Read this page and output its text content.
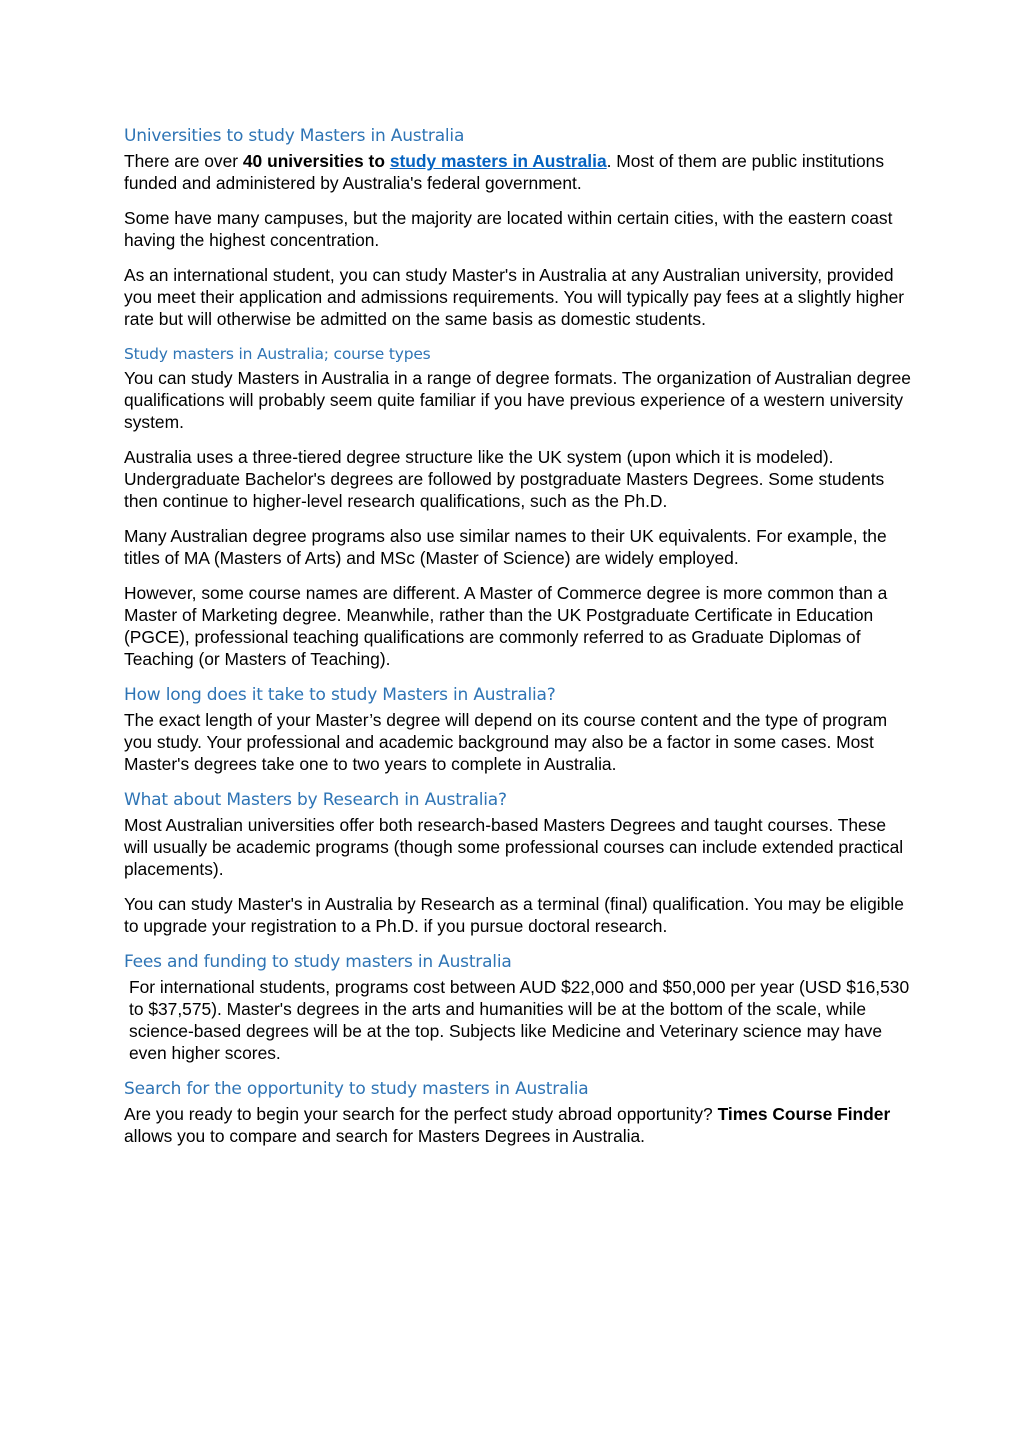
Universities to study Masters in Australia

There are over 40 universities to study masters in Australia. Most of them are public institutions funded and administered by Australia's federal government.

Some have many campuses, but the majority are located within certain cities, with the eastern coast having the highest concentration.

As an international student, you can study Master's in Australia at any Australian university, provided you meet their application and admissions requirements. You will typically pay fees at a slightly higher rate but will otherwise be admitted on the same basis as domestic students.

Study masters in Australia; course types

You can study Masters in Australia in a range of degree formats. The organization of Australian degree qualifications will probably seem quite familiar if you have previous experience of a western university system.

Australia uses a three-tiered degree structure like the UK system (upon which it is modeled). Undergraduate Bachelor's degrees are followed by postgraduate Masters Degrees. Some students then continue to higher-level research qualifications, such as the Ph.D.

Many Australian degree programs also use similar names to their UK equivalents. For example, the titles of MA (Masters of Arts) and MSc (Master of Science) are widely employed.

However, some course names are different. A Master of Commerce degree is more common than a Master of Marketing degree. Meanwhile, rather than the UK Postgraduate Certificate in Education (PGCE), professional teaching qualifications are commonly referred to as Graduate Diplomas of Teaching (or Masters of Teaching).

How long does it take to study Masters in Australia?

The exact length of your Master’s degree will depend on its course content and the type of program you study. Your professional and academic background may also be a factor in some cases. Most Master's degrees take one to two years to complete in Australia.

What about Masters by Research in Australia?

Most Australian universities offer both research-based Masters Degrees and taught courses. These will usually be academic programs (though some professional courses can include extended practical placements).

You can study Master's in Australia by Research as a terminal (final) qualification. You may be eligible to upgrade your registration to a Ph.D. if you pursue doctoral research.

Fees and funding to study masters in Australia

For international students, programs cost between AUD $22,000 and $50,000 per year (USD $16,530 to $37,575). Master's degrees in the arts and humanities will be at the bottom of the scale, while science-based degrees will be at the top. Subjects like Medicine and Veterinary science may have even higher scores.

Search for the opportunity to study masters in Australia

Are you ready to begin your search for the perfect study abroad opportunity? Times Course Finder allows you to compare and search for Masters Degrees in Australia.
